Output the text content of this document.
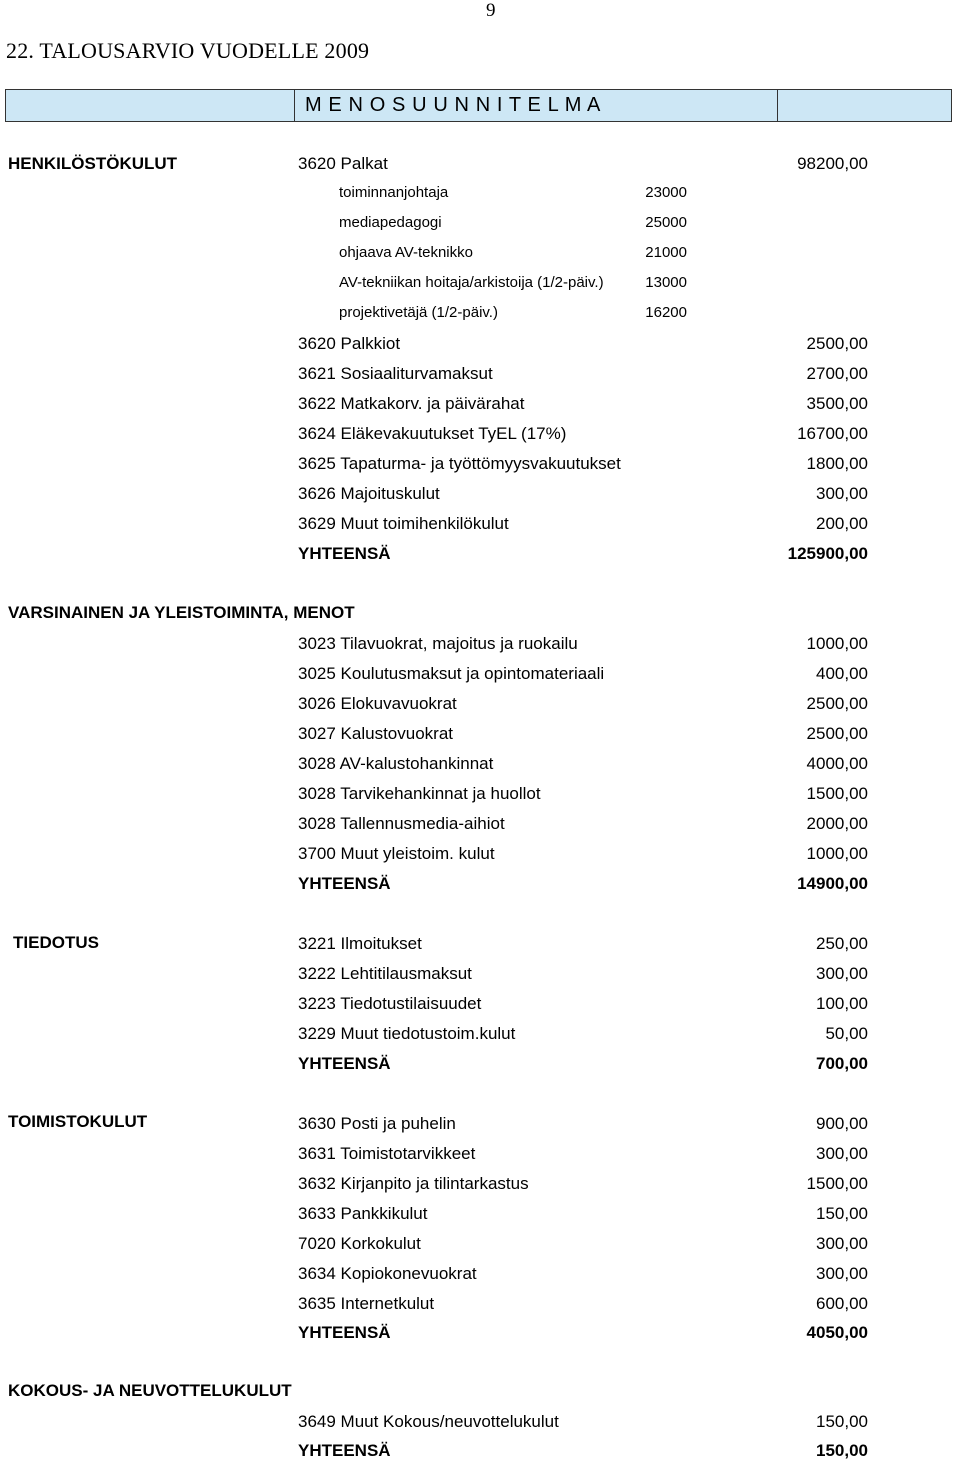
9
22. TALOUSARVIO VUODELLE 2009
M E N O S U U N N I T E L M A
HENKILÖSTÖKULUT	3620 Palkat	98200,00
toiminnanjohtaja	23000
mediapedagogi	25000
ohjaava AV-teknikko	21000
AV-tekniikan hoitaja/arkistoija (1/2-päiv.)	13000
projektivetäjä (1/2-päiv.)	16200
3620 Palkkiot	2500,00
3621 Sosiaaliturvamaksut	2700,00
3622 Matkakorv. ja päivärahat	3500,00
3624 Eläkevakuutukset TyEL (17%)	16700,00
3625 Tapaturma- ja työttömyysvakuutukset	1800,00
3626 Majoituskulut	300,00
3629 Muut toimihenkilökulut	200,00
YHTEENSÄ	125900,00
VARSINAINEN JA YLEISTOIMINTA, MENOT
3023 Tilavuokrat, majoitus ja ruokailu	1000,00
3025 Koulutusmaksut ja opintomateriaali	400,00
3026 Elokuvavuokrat	2500,00
3027 Kalustovuokrat	2500,00
3028 AV-kalustohankinnat	4000,00
3028 Tarvikehankinnat ja huollot	1500,00
3028 Tallennusmedia-aihiot	2000,00
3700 Muut yleistoim. kulut	1000,00
YHTEENSÄ	14900,00
TIEDOTUS	3221 Ilmoitukset	250,00
3222 Lehtitilausmaksut	300,00
3223 Tiedotustilaisuudet	100,00
3229 Muut tiedotustoim.kulut	50,00
YHTEENSÄ	700,00
TOIMISTOKULUT	3630 Posti ja puhelin	900,00
3631 Toimistotarvikkeet	300,00
3632 Kirjanpito ja tilintarkastus	1500,00
3633 Pankkikulut	150,00
7020 Korkokulut	300,00
3634 Kopiokonevuokrat	300,00
3635 Internetkulut	600,00
YHTEENSÄ	4050,00
KOKOUS- JA NEUVOTTELUKULUT
3649 Muut Kokous/neuvottelukulut	150,00
YHTEENSÄ	150,00
